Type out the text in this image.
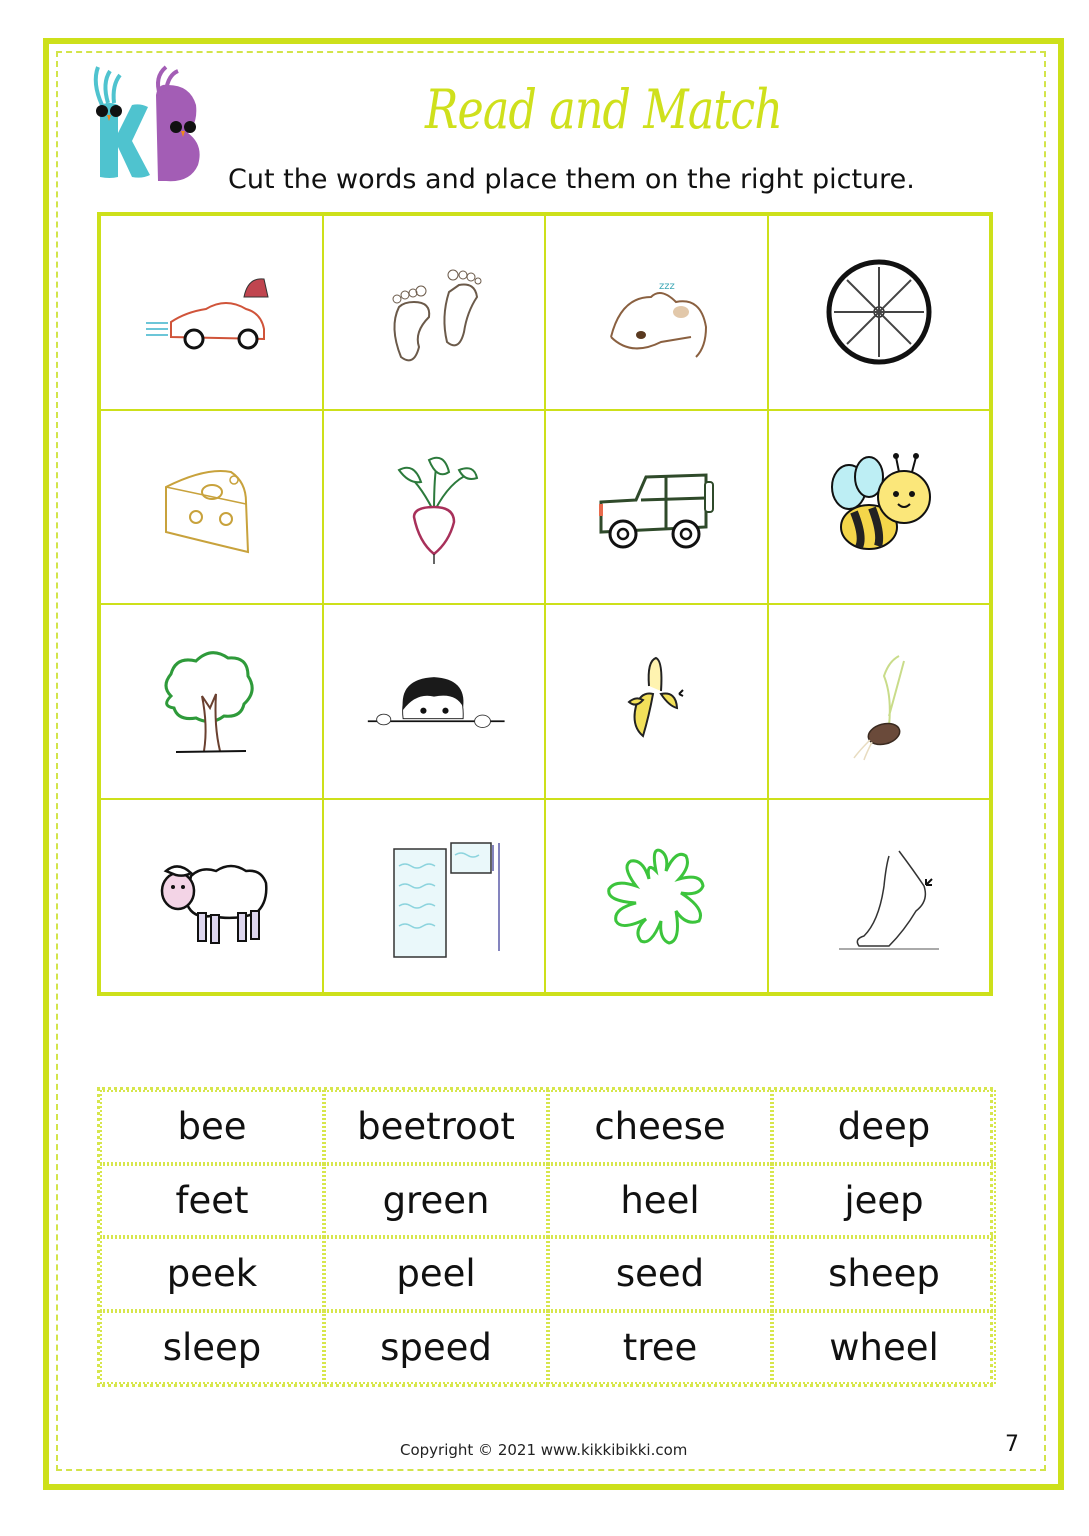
Read and Match
Cut the words and place them on the right picture.
zzz
bee	beetroot	cheese	deep
feet	green	heel	jeep
peek	peel	seed	sheep
sleep	speed	tree	wheel
Copyright © 2021 www.kikkibikki.com	7
